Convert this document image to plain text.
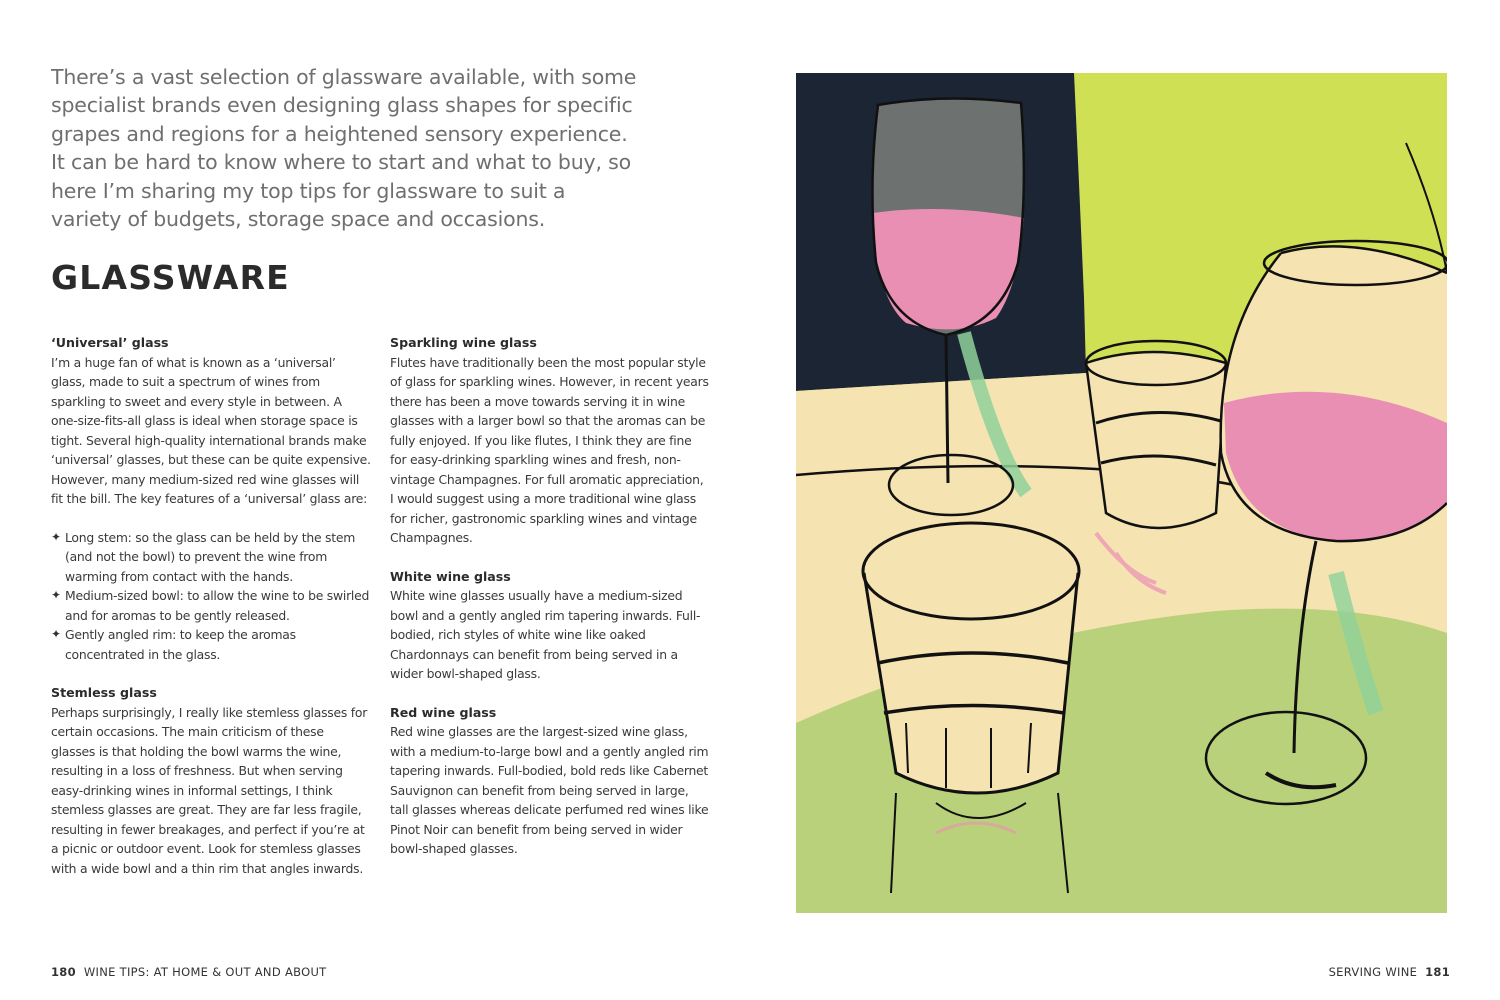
There’s a vast selection of glassware available, with some specialist brands even designing glass shapes for specific grapes and regions for a heightened sensory experience. It can be hard to know where to start and what to buy, so here I’m sharing my top tips for glassware to suit a variety of budgets, storage space and occasions.

GLASSWARE

‘Universal’ glass

I’m a huge fan of what is known as a ‘universal’ glass, made to suit a spectrum of wines from sparkling to sweet and every style in between. A one-size-fits-all glass is ideal when storage space is tight. Several high-quality international brands make ‘universal’ glasses, but these can be quite expensive. However, many medium-sized red wine glasses will fit the bill. The key features of a ‘universal’ glass are:

✦ Long stem: so the glass can be held by the stem (and not the bowl) to prevent the wine from warming from contact with the hands.
✦ Medium-sized bowl: to allow the wine to be swirled and for aromas to be gently released.
✦ Gently angled rim: to keep the aromas concentrated in the glass.

Stemless glass

Perhaps surprisingly, I really like stemless glasses for certain occasions. The main criticism of these glasses is that holding the bowl warms the wine, resulting in a loss of freshness. But when serving easy-drinking wines in informal settings, I think stemless glasses are great. They are far less fragile, resulting in fewer breakages, and perfect if you’re at a picnic or outdoor event. Look for stemless glasses with a wide bowl and a thin rim that angles inwards.

Sparkling wine glass

Flutes have traditionally been the most popular style of glass for sparkling wines. However, in recent years there has been a move towards serving it in wine glasses with a larger bowl so that the aromas can be fully enjoyed. If you like flutes, I think they are fine for easy-drinking sparkling wines and fresh, non-vintage Champagnes. For full aromatic appreciation, I would suggest using a more traditional wine glass for richer, gastronomic sparkling wines and vintage Champagnes.

White wine glass

White wine glasses usually have a medium-sized bowl and a gently angled rim tapering inwards. Full-bodied, rich styles of white wine like oaked Chardonnays can benefit from being served in a wider bowl-shaped glass.

Red wine glass

Red wine glasses are the largest-sized wine glass, with a medium-to-large bowl and a gently angled rim tapering inwards. Full-bodied, bold reds like Cabernet Sauvignon can benefit from being served in large, tall glasses whereas delicate perfumed red wines like Pinot Noir can benefit from being served in wider bowl-shaped glasses.

180 WINE TIPS: AT HOME & OUT AND ABOUT	SERVING WINE 181
